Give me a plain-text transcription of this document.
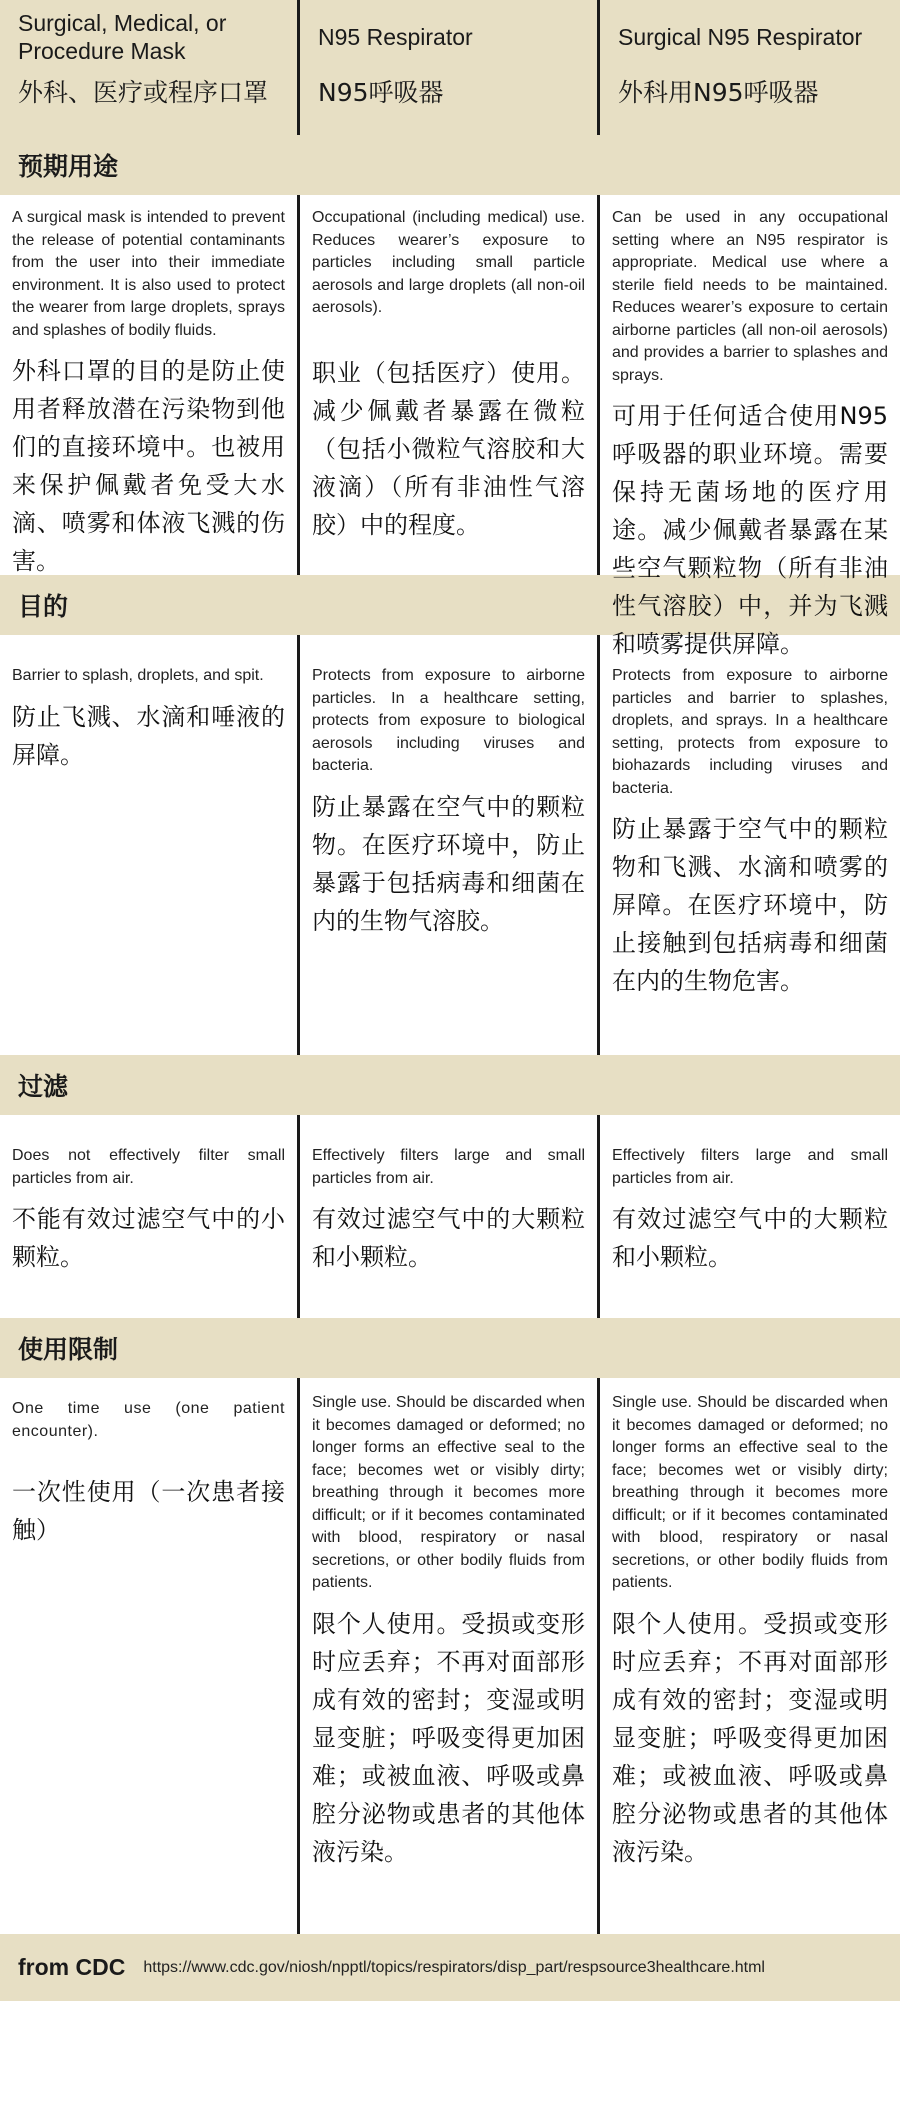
Surgical, Medical, or Procedure Mask
外科、医疗或程序口罩
N95 Respirator
N95呼吸器
Surgical N95 Respirator
外科用N95呼吸器
预期用途
A surgical mask is intended to prevent the release of potential contaminants from the user into their immediate environment. It is also used to protect the wearer from large droplets, sprays and splashes of bodily fluids.
外科口罩的目的是防止使用者释放潜在污染物到他们的直接环境中。也被用来保护佩戴者免受大水滴、喷雾和体液飞溅的伤害。
Occupational (including medical) use. Reduces wearer’s exposure to particles including small particle aerosols and large droplets (all non-oil aerosols).
职业（包括医疗）使用。减少佩戴者暴露在微粒（包括小微粒气溶胶和大液滴）（所有非油性气溶胶）中的程度。
Can be used in any occupational setting where an N95 respirator is appropriate. Medical use where a sterile field needs to be maintained. Reduces wearer’s exposure to certain airborne particles (all non-oil aerosols) and provides a barrier to splashes and sprays.
可用于任何适合使用N95呼吸器的职业环境。需要保持无菌场地的医疗用途。减少佩戴者暴露在某些空气颗粒物（所有非油性气溶胶）中，并为飞溅和喷雾提供屏障。
目的
Barrier to splash, droplets, and spit.
防止飞溅、水滴和唾液的屏障。
Protects from exposure to airborne particles. In a healthcare setting, protects from exposure to biological aerosols including viruses and bacteria.
防止暴露在空气中的颗粒物。在医疗环境中，防止暴露于包括病毒和细菌在内的生物气溶胶。
Protects from exposure to airborne particles and barrier to splashes, droplets, and sprays. In a healthcare setting, protects from exposure to biohazards including viruses and bacteria.
防止暴露于空气中的颗粒物和飞溅、水滴和喷雾的屏障。在医疗环境中，防止接触到包括病毒和细菌在内的生物危害。
过滤
Does not effectively filter small particles from air.
不能有效过滤空气中的小颗粒。
Effectively filters large and small particles from air.
有效过滤空气中的大颗粒和小颗粒。
Effectively filters large and small particles from air.
有效过滤空气中的大颗粒和小颗粒。
使用限制
One time use (one patient encounter).
一次性使用（一次患者接触）
Single use. Should be discarded when it becomes damaged or deformed; no longer forms an effective seal to the face; becomes wet or visibly dirty; breathing through it becomes more difficult; or if it becomes contaminated with blood, respiratory or nasal secretions, or other bodily fluids from patients.
限个人使用。受损或变形时应丢弃；不再对面部形成有效的密封；变湿或明显变脏；呼吸变得更加困难；或被血液、呼吸或鼻腔分泌物或患者的其他体液污染。
Single use. Should be discarded when it becomes damaged or deformed; no longer forms an effective seal to the face; becomes wet or visibly dirty; breathing through it becomes more difficult; or if it becomes contaminated with blood, respiratory or nasal secretions, or other bodily fluids from patients.
限个人使用。受损或变形时应丢弃；不再对面部形成有效的密封；变湿或明显变脏；呼吸变得更加困难；或被血液、呼吸或鼻腔分泌物或患者的其他体液污染。
from CDC https://www.cdc.gov/niosh/npptl/topics/respirators/disp_part/respsource3healthcare.html
